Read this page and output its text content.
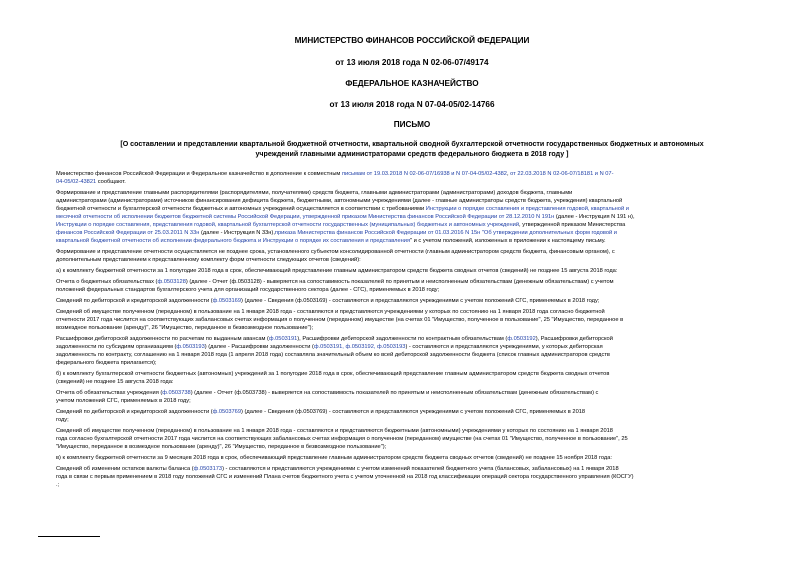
МИНИСТЕРСТВО ФИНАНСОВ РОССИЙСКОЙ ФЕДЕРАЦИИ

от 13 июля 2018 года N 02-06-07/49174

ФЕДЕРАЛЬНОЕ КАЗНАЧЕЙСТВО

от 13 июля 2018 года N 07-04-05/02-14766

ПИСЬМО

[О составлении и представлении квартальной бюджетной отчетности, квартальной сводной бухгалтерской отчетности государственных бюджетных и автономных
учреждений главными администраторами средств федерального бюджета в 2018 году ]

Министерство финансов Российской Федерации и Федеральное казначейство в дополнение к совместным письмам от 19.03.2018 N 02-06-07/16938 и N 07-04-05/02-4382, от 22.03.2018 N 02-06-07/18181 и N 07-
04-05/02-43821 сообщают.

Формирование и представление главными распорядителями (распорядителями, получателями) средств бюджета, главными администраторами (администраторами) доходов бюджета, главными
администраторами (администраторами) источников финансирования дефицита бюджета, бюджетными, автономными учреждениями (далее - главные администраторы средств бюджета, учреждения) квартальной
бюджетной отчетности и бухгалтерской отчетности бюджетных и автономных учреждений осуществляется в соответствии с требованиями Инструкции о порядке составления и представления годовой, квартальной и
месячной отчетности об исполнении бюджетов бюджетной системы Российской Федерации, утвержденной приказом Министерства финансов Российской Федерации от 28.12.2010 N 191н (далее - Инструкция N 191 н),
Инструкции о порядке составления, представления годовой, квартальной бухгалтерской отчетности государственных (муниципальных) бюджетных и автономных учреждений, утвержденной приказом Министерства
финансов Российской Федерации от 25.03.2011 N 33н (далее - Инструкция N 33н),приказа Министерства финансов Российской Федерации от 01.03.2016 N 15н "Об утверждении дополнительных форм годовой и
квартальной бюджетной отчетности об исполнении федерального бюджета и Инструкции о порядке их составления и представления" и с учетом положений, изложенных в приложении к настоящему письму.

Формирование и представление отчетности осуществляется не позднее срока, установленного субъектом консолидированной отчетности (главным администратором средств бюджета, финансовым органом), с
дополнительным представлением к представленному комплекту форм отчетности следующих отчетов (сведений):

а) к комплекту бюджетной отчетности за 1 полугодие 2018 года в срок, обеспечивающий представление главным администратором средств бюджета сводных отчетов (сведений) не позднее 15 августа 2018 года:

Отчета о бюджетных обязательствах (ф.0503128) (далее - Отчет (ф.0503128) - выверяется на сопоставимость показателей по принятым и неисполненным обязательствам (денежным обязательствам) с учетом
положений федеральных стандартов бухгалтерского учета для организаций государственного сектора (далее - СГС), применяемых в 2018 году;

Сведений по дебиторской и кредиторской задолженности (ф.0503169) (далее - Сведения (ф.0503169) - составляются и представляются учреждениями с учетом положений СГС, применяемых в 2018 году;

Сведений об имуществе полученном (переданном) в пользование на 1 января 2018 года - составляются и представляются учреждениями у которых по состоянию на 1 января 2018 года согласно бюджетной
отчетности 2017 года числится на соответствующих забалансовых счетах информация о полученном (переданном) имуществе (на счетах 01 "Имущество, полученное в пользование", 25 "Имущество, переданное в
возмездное пользование (аренду)", 26 "Имущество, переданное в безвозмездное пользование");

Расшифровки дебиторской задолженности по расчетам по выданным авансам (ф.0503191), Расшифровки дебиторской задолженности по контрактным обязательствам (ф.0503192), Расшифровки дебиторской
задолженности по субсидиям организациям (ф.0503193) (далее - Расшифровки задолженности (ф.0503191, ф.0503192, ф.0503193) - составляются и представляются учреждениями, у которых дебиторская
задолженность по контракту, соглашению на 1 января 2018 года (1 апреля 2018 года) составляла значительный объем ко всей дебиторской задолженности бюджета (список главных администраторов средств
федерального бюджета прилагается);

б) к комплекту бухгалтерской отчетности бюджетных (автономных) учреждений за 1 полугодие 2018 года в срок, обеспечивающий представление главным администратором средств бюджета сводных отчетов
(сведений) не позднее 15 августа 2018 года:

Отчета об обязательствах учреждения (ф.0503738) (далее - Отчет (ф.0503738) - выверяется на сопоставимость показателей по принятым и неисполненным обязательствам (денежным обязательствам) с
учетом положений СГС, применяемых в 2018 году;

Сведений по дебиторской и кредиторской задолженности (ф.0503769) (далее - Сведения (ф.0503769) - составляются и представляются учреждениями с учетом положений СГС, применяемых в 2018
году;

Сведений об имуществе полученном (переданном) в пользование на 1 января 2018 года - составляются и представляются бюджетными (автономными) учреждениями у которых по состоянию на 1 января 2018
года согласно бухгалтерской отчетности 2017 года числится на соответствующих забалансовых счетах информация о полученном (переданном) имуществе (на счетах 01 "Имущество, полученное в пользование", 25
"Имущество, переданное в возмездное пользование (аренду)", 26 "Имущество, переданное в безвозмездное пользование");

в) к комплекту бюджетной отчетности за 9 месяцев 2018 года в срок, обеспечивающий представление главным администратором средств бюджета сводных отчетов (сведений) не позднее 15 ноября 2018 года:

Сведений об изменении остатков валюты баланса (ф.0503173) - составляются и представляются учреждениями с учетом изменений показателей бюджетного учета (балансовых, забалансовых) на 1 января 2018
года в связи с первым применением в 2018 году положений СГС и изменений Плана счетов бюджетного учета с учетом уточненной на 2018 год классификации операций сектора государственного управления (КОСГУ)
.;
